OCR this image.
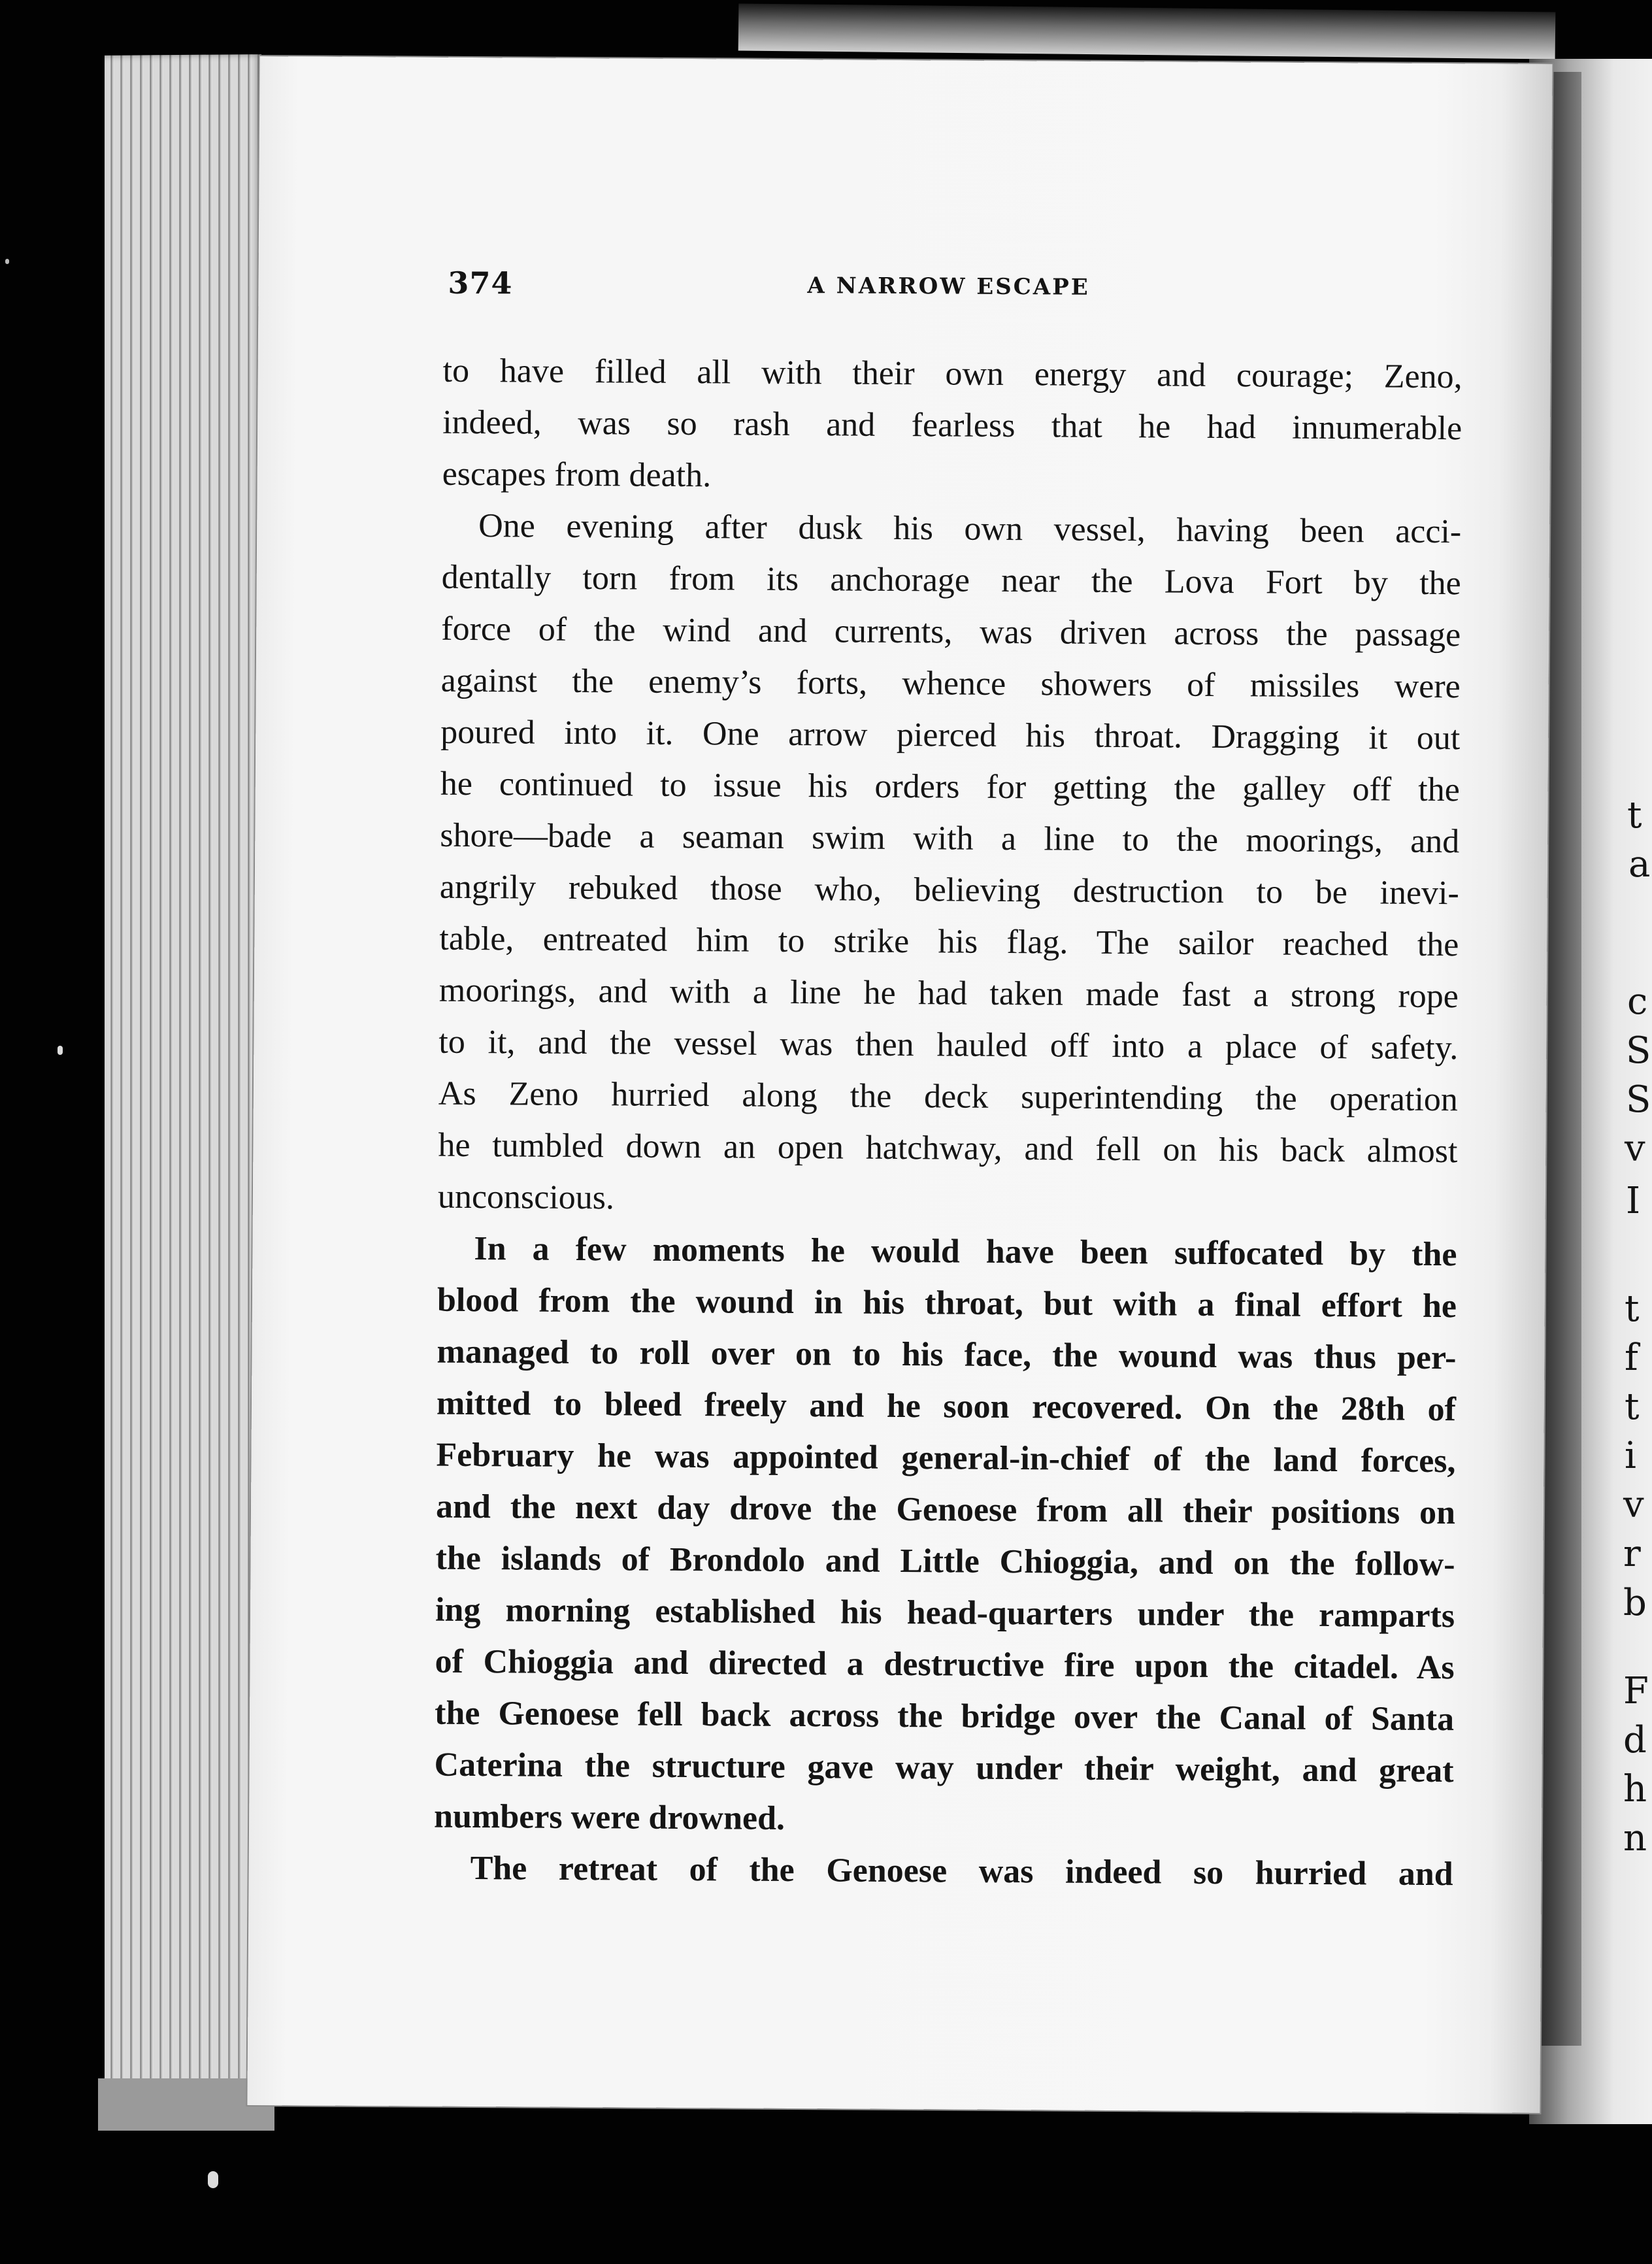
t
a
c
S
S
v
I
t
f
t
i
v
r
b
F
d
h
n
374	A NARROW ESCAPE

to have filled all with their own energy and courage; Zeno,
indeed, was so rash and fearless that he had innumerable
escapes from death.

One evening after dusk his own vessel, having been acci-
dentally torn from its anchorage near the Lova Fort by the
force of the wind and currents, was driven across the passage
against the enemy’s forts, whence showers of missiles were
poured into it. One arrow pierced his throat. Dragging it out
he continued to issue his orders for getting the galley off the
shore—bade a seaman swim with a line to the moorings, and
angrily rebuked those who, believing destruction to be inevi-
table, entreated him to strike his flag. The sailor reached the
moorings, and with a line he had taken made fast a strong rope
to it, and the vessel was then hauled off into a place of safety.
As Zeno hurried along the deck superintending the operation
he tumbled down an open hatchway, and fell on his back almost
unconscious.

In a few moments he would have been suffocated by the
blood from the wound in his throat, but with a final effort he
managed to roll over on to his face, the wound was thus per-
mitted to bleed freely and he soon recovered. On the 28th of
February he was appointed general-in-chief of the land forces,
and the next day drove the Genoese from all their positions on
the islands of Brondolo and Little Chioggia, and on the follow-
ing morning established his head-quarters under the ramparts
of Chioggia and directed a destructive fire upon the citadel. As
the Genoese fell back across the bridge over the Canal of Santa
Caterina the structure gave way under their weight, and great
numbers were drowned.

The retreat of the Genoese was indeed so hurried and
